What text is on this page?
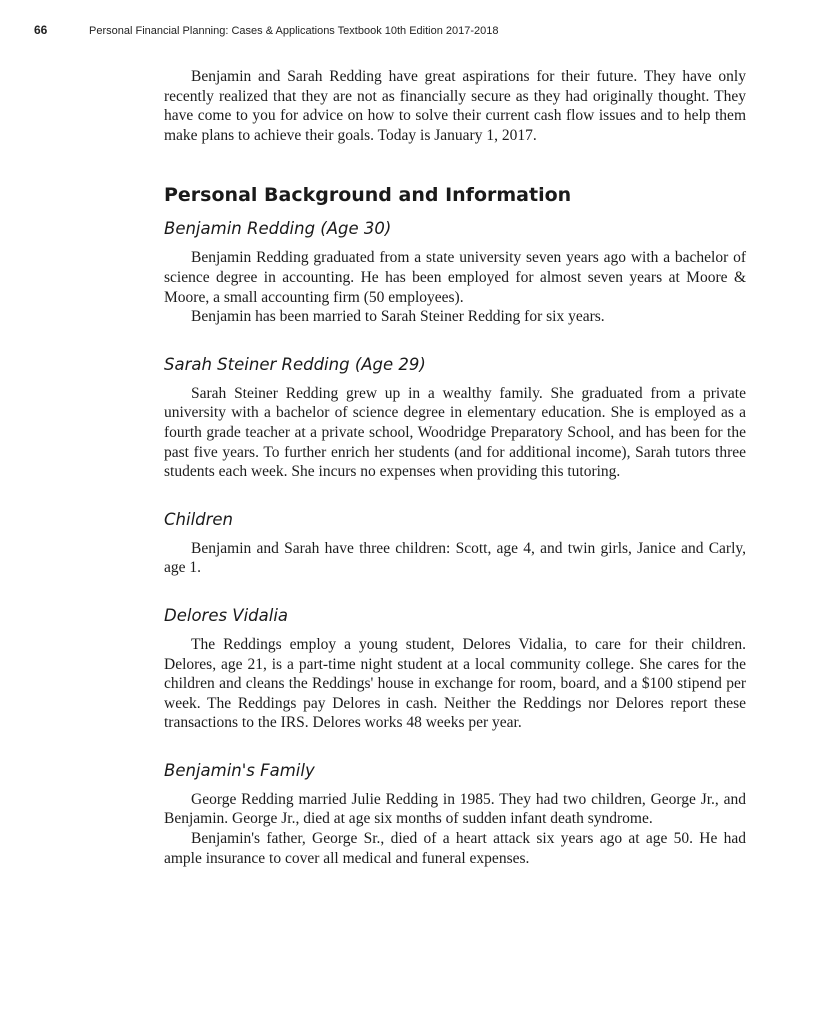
66	Personal Financial Planning: Cases & Applications Textbook 10th Edition 2017-2018

Benjamin and Sarah Redding have great aspirations for their future. They have only recently realized that they are not as financially secure as they had originally thought. They have come to you for advice on how to solve their current cash flow issues and to help them make plans to achieve their goals. Today is January 1, 2017.

Personal Background and Information
Benjamin Redding (Age 30)

Benjamin Redding graduated from a state university seven years ago with a bachelor of science degree in accounting. He has been employed for almost seven years at Moore & Moore, a small accounting firm (50 employees).

Benjamin has been married to Sarah Steiner Redding for six years.

Sarah Steiner Redding (Age 29)

Sarah Steiner Redding grew up in a wealthy family. She graduated from a private university with a bachelor of science degree in elementary education. She is employed as a fourth grade teacher at a private school, Woodridge Preparatory School, and has been for the past five years. To further enrich her students (and for additional income), Sarah tutors three students each week. She incurs no expenses when providing this tutoring.

Children

Benjamin and Sarah have three children: Scott, age 4, and twin girls, Janice and Carly, age 1.

Delores Vidalia

The Reddings employ a young student, Delores Vidalia, to care for their children. Delores, age 21, is a part-time night student at a local community college. She cares for the children and cleans the Reddings' house in exchange for room, board, and a $100 stipend per week. The Reddings pay Delores in cash. Neither the Reddings nor Delores report these transactions to the IRS. Delores works 48 weeks per year.

Benjamin's Family

George Redding married Julie Redding in 1985. They had two children, George Jr., and Benjamin. George Jr., died at age six months of sudden infant death syndrome.

Benjamin's father, George Sr., died of a heart attack six years ago at age 50. He had ample insurance to cover all medical and funeral expenses.
